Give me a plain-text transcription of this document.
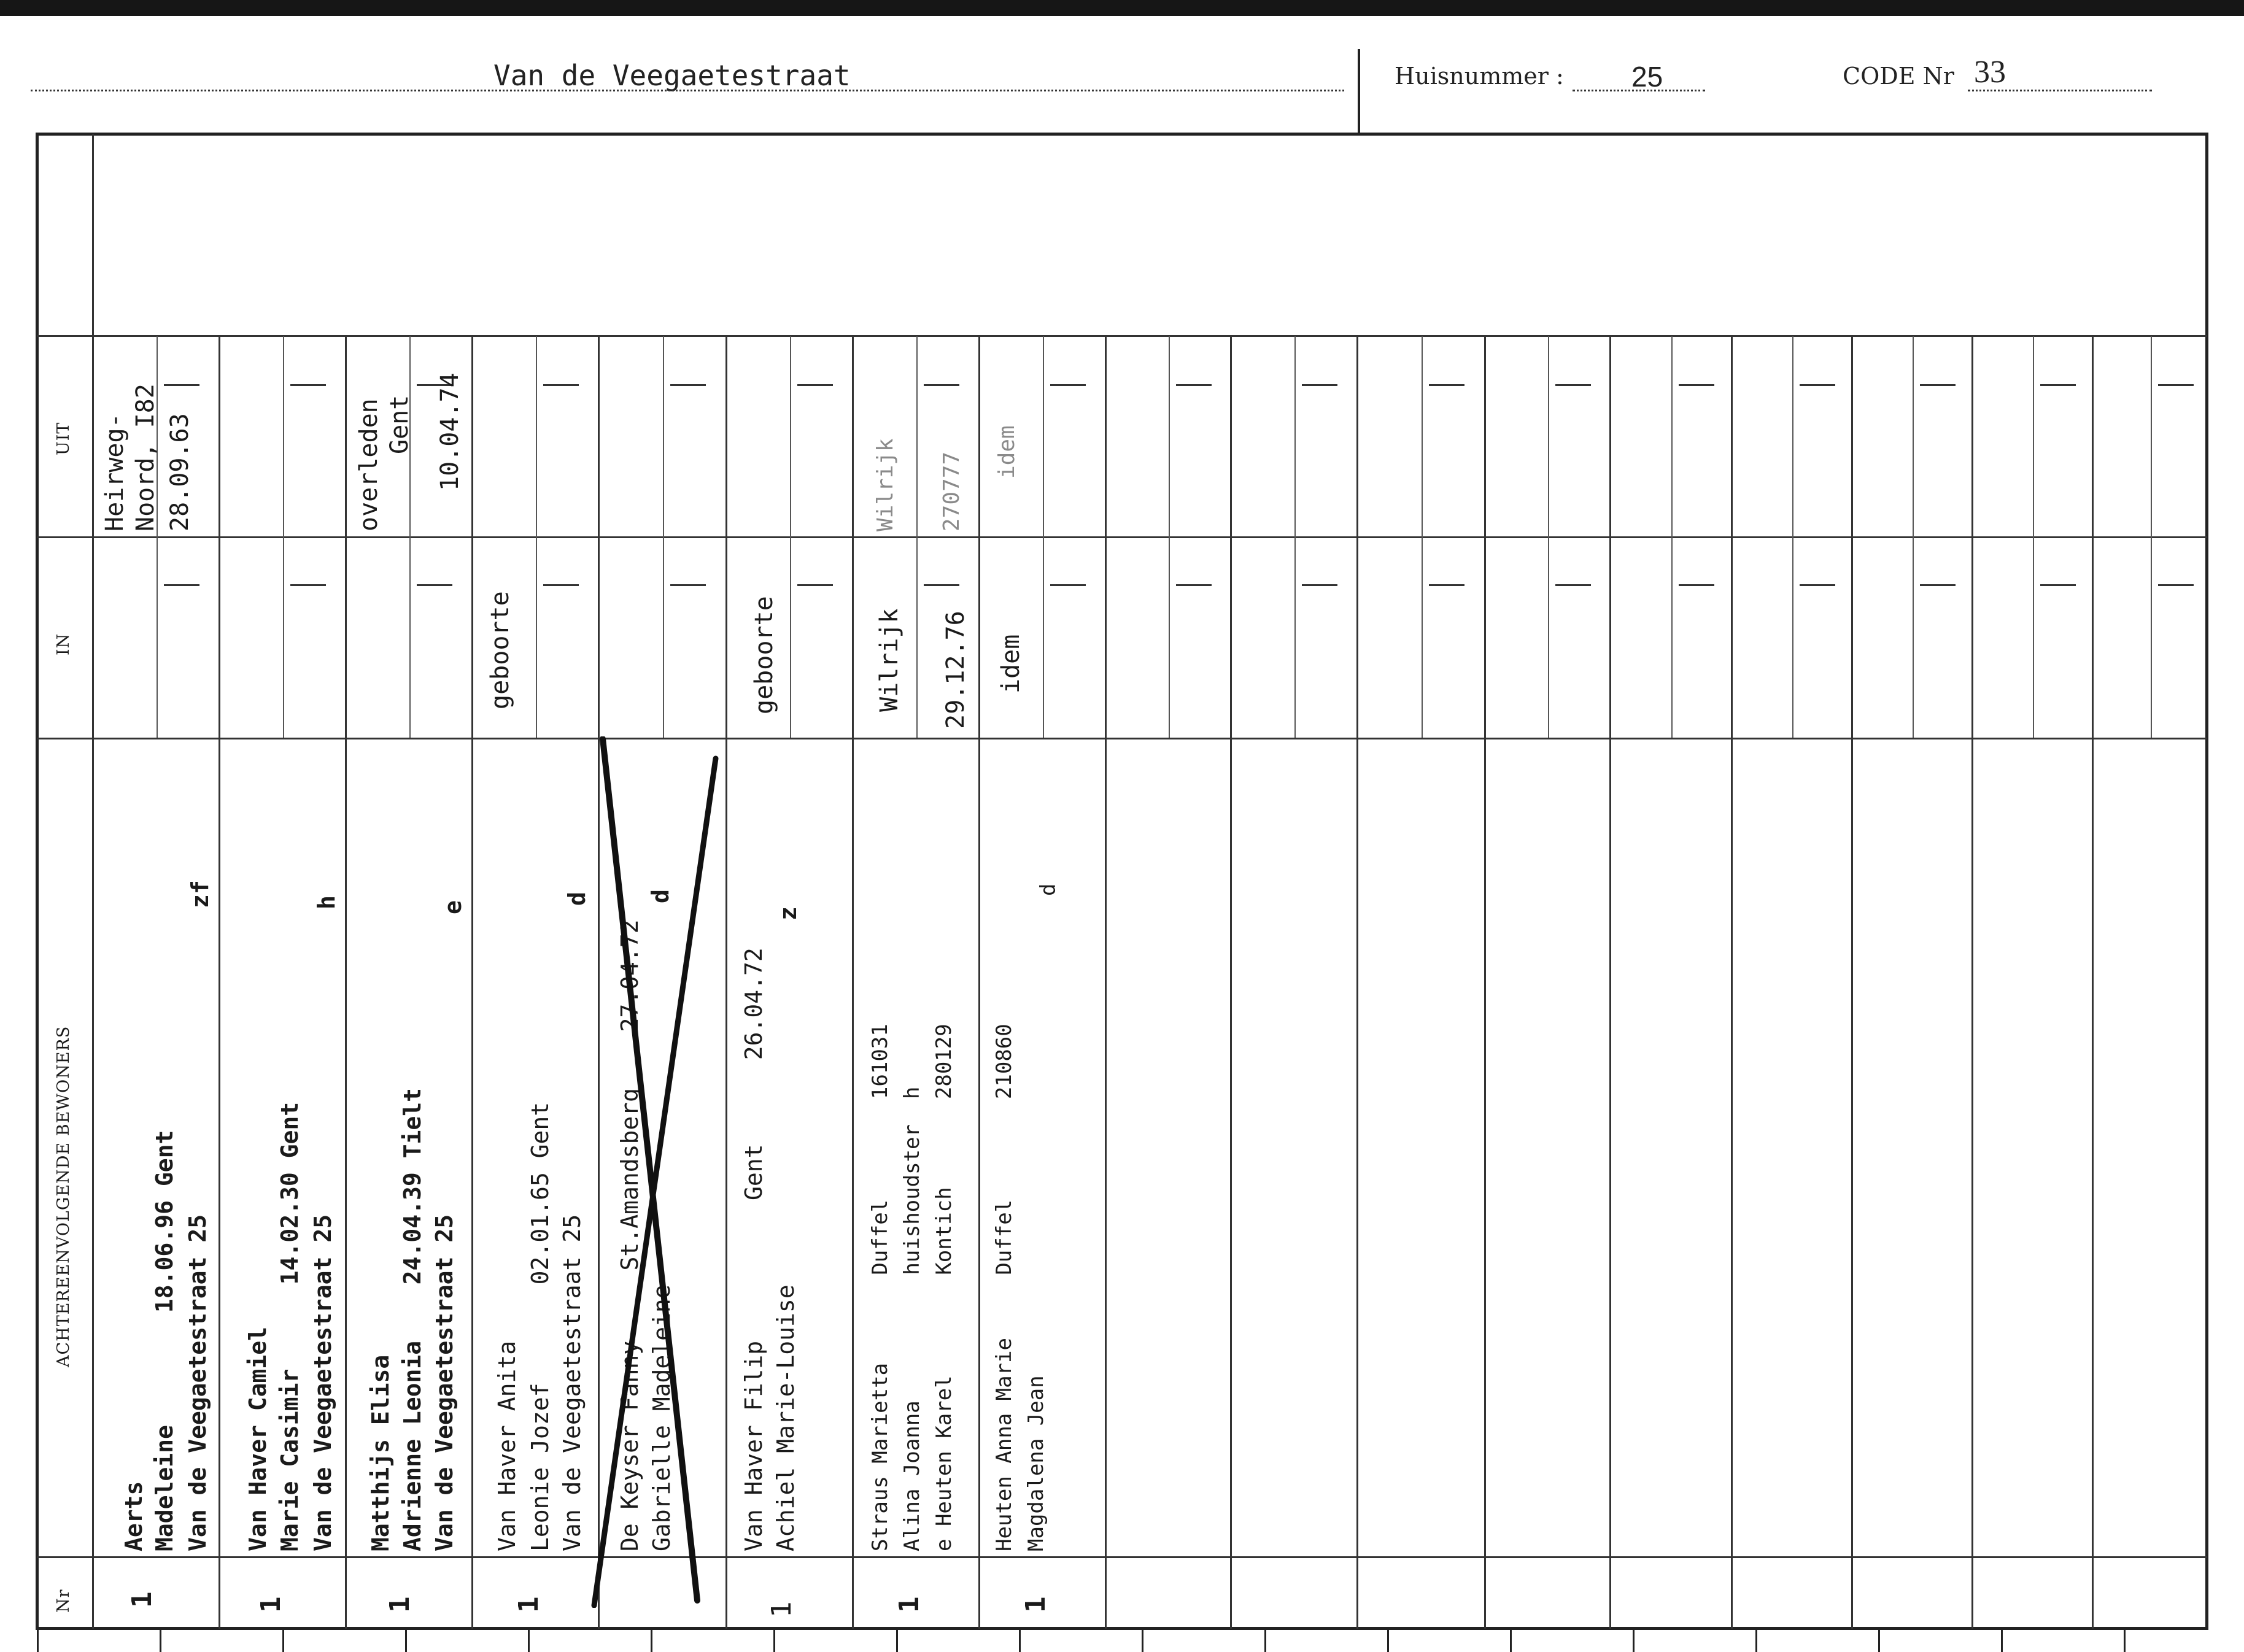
Van de Veegaetestraat	Huisnummer : 25	CODE Nr 33
UIT
IN
ACHTEREENVOLGENDE BEWONERS
Nr
Heirweg- Noord, I82 28.09.63
Aerts Madeleine        18.06.96 Gent Van de Veegaetestraat 25
zf
1
Van Haver Camiel Marie Casimir      14.02.30 Gent Van de Veegaetestraat 25
h
1
overleden Gent 10.04.74
Matthijs Elisa Adrienne Leonia    24.04.39 Tielt Van de Veegaetestraat 25
e
1
geboorte
Van Haver Anita Leonie Jozef       02.01.65 Gent Van de Veegaetestraat 25
d
1
De Keyser Fanny     St.Amandsberg    27.04.72 Gabrielle Madeleine
d
geboorte
Van Haver Filip          Gent      26.04.72 Achiel Marie-Louise
z
1
Wilrijk 270777
Wilrijk 29.12.76
Straus Marietta       Duffel        161031 Alina Joanna          huishoudster  h e Heuten Karel        Kontich       280129
1
idem
idem
Heuten Anna Marie     Duffel        210860 Magdalena Jean
d
1
